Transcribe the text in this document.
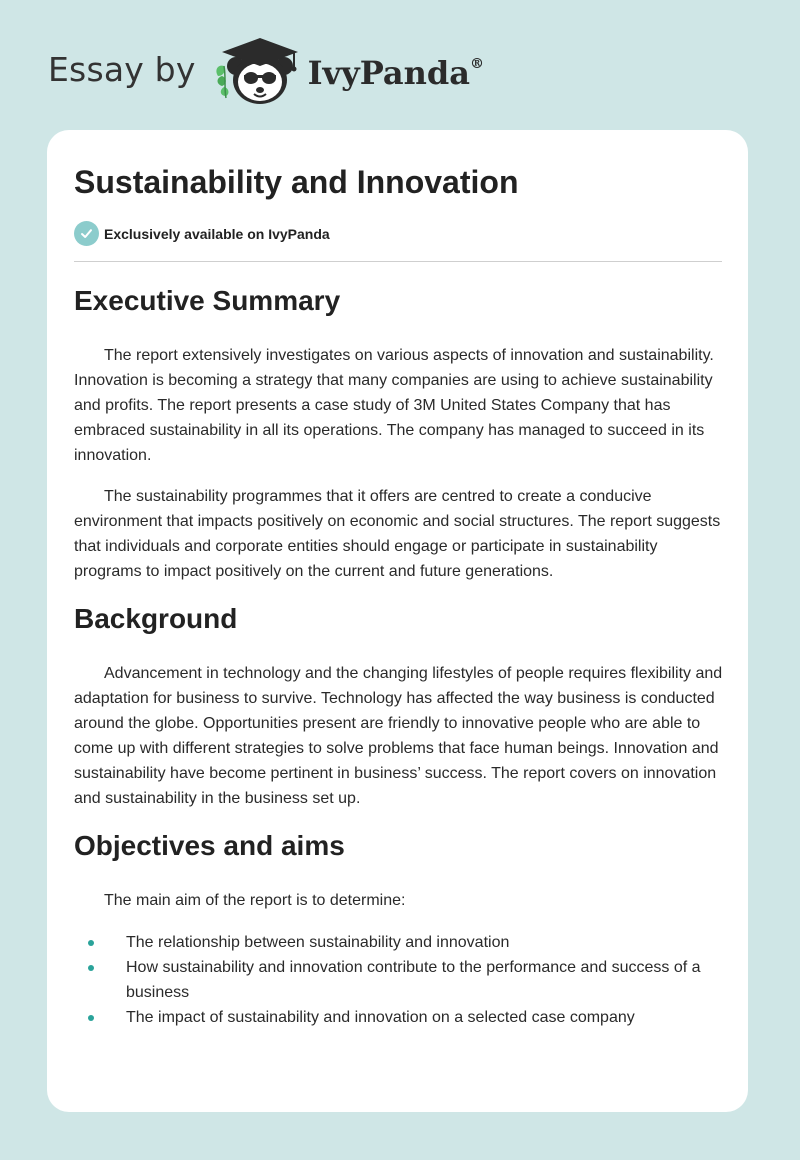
Essay by	IvyPanda®
Sustainability and Innovation
Exclusively available on IvyPanda
Executive Summary

The report extensively investigates on various aspects of innovation and sustainability. Innovation is becoming a strategy that many companies are using to achieve sustainability and profits. The report presents a case study of 3M United States Company that has embraced sustainability in all its operations. The company has managed to succeed in its innovation.

The sustainability programmes that it offers are centred to create a conducive environment that impacts positively on economic and social structures. The report suggests that individuals and corporate entities should engage or participate in sustainability programs to impact positively on the current and future generations.

Background

Advancement in technology and the changing lifestyles of people requires flexibility and adaptation for business to survive. Technology has affected the way business is conducted around the globe. Opportunities present are friendly to innovative people who are able to come up with different strategies to solve problems that face human beings. Innovation and sustainability have become pertinent in business’ success. The report covers on innovation and sustainability in the business set up.

Objectives and aims

The main aim of the report is to determine:

The relationship between sustainability and innovation
How sustainability and innovation contribute to the performance and success of a business
The impact of sustainability and innovation on a selected case company
